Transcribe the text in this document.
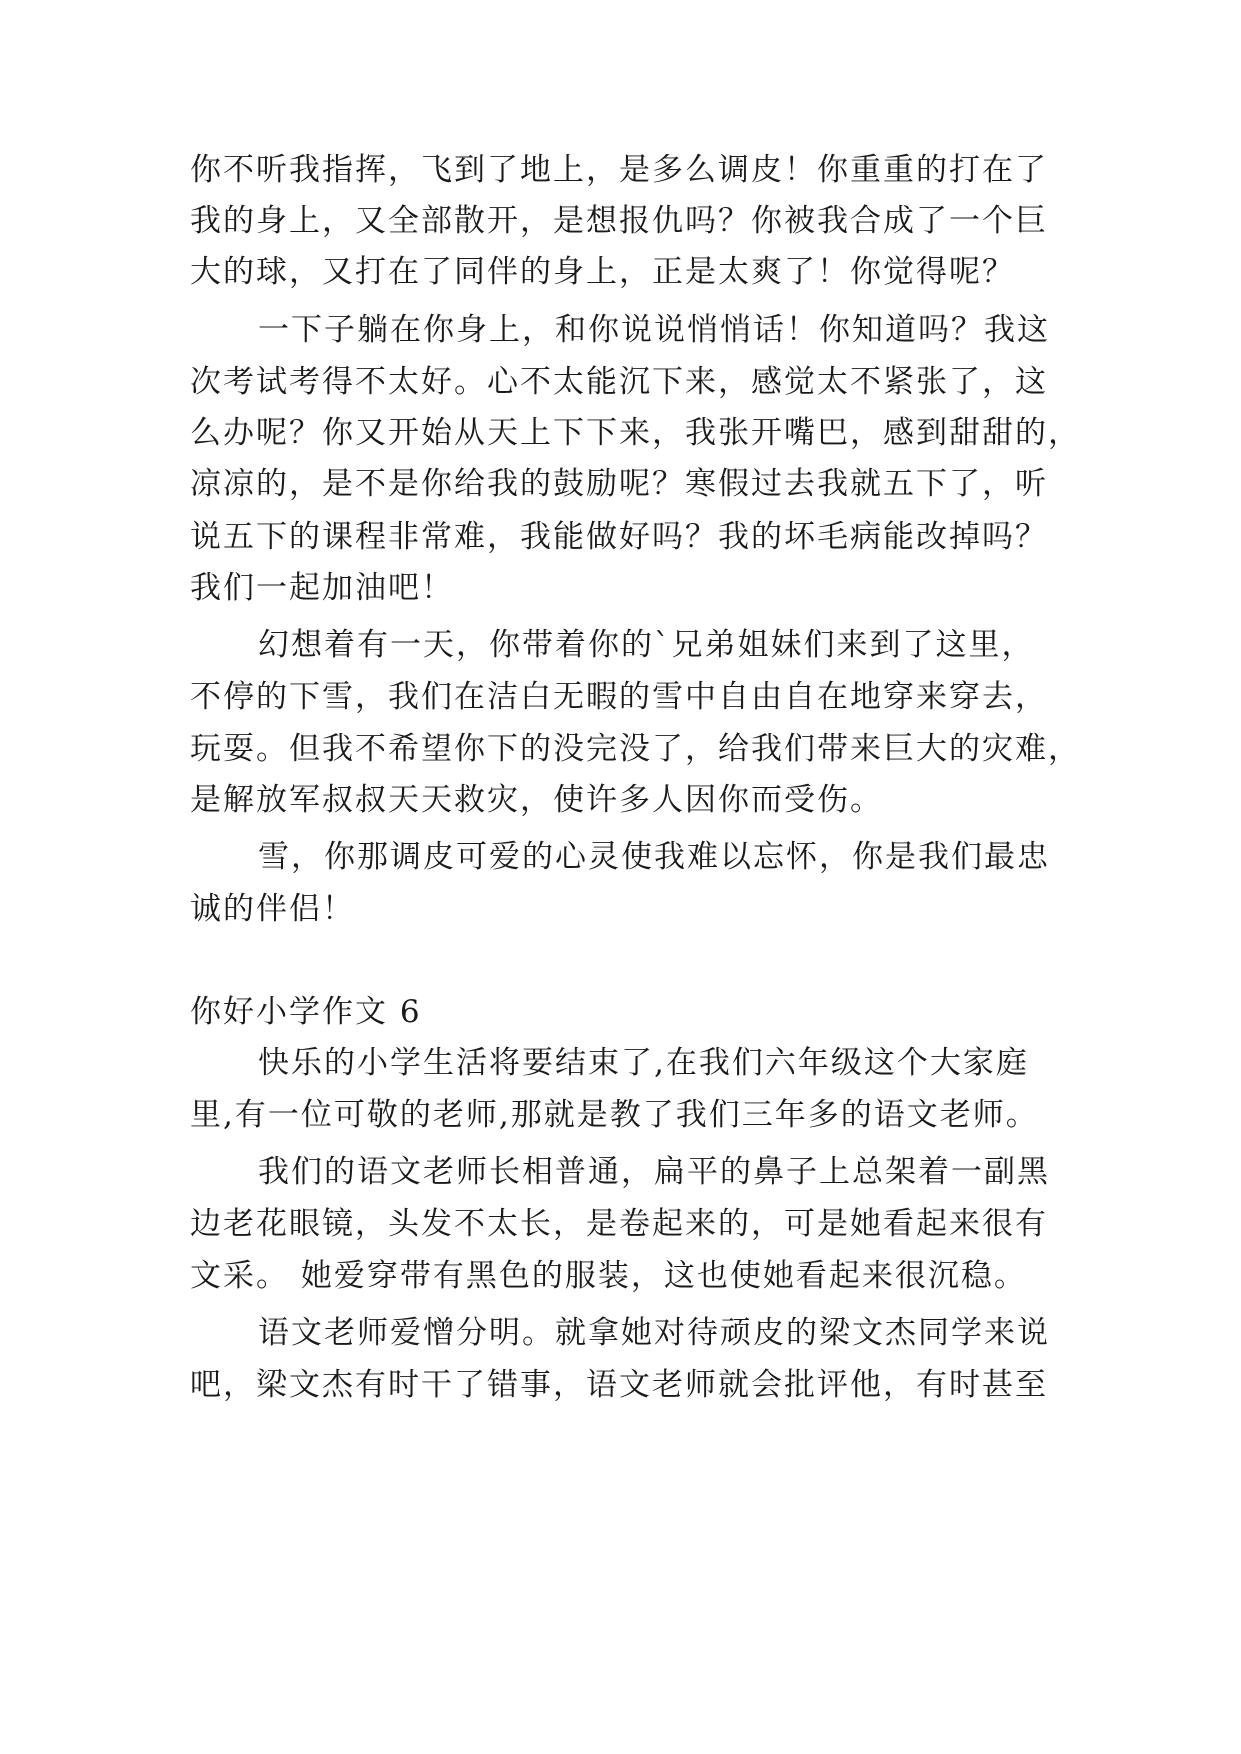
你不听我指挥，飞到了地上，是多么调皮！你重重的打在了
我的身上，又全部散开，是想报仇吗？你被我合成了一个巨
大的球，又打在了同伴的身上，正是太爽了！你觉得呢？
一下子躺在你身上，和你说说悄悄话！你知道吗？我这
次考试考得不太好。心不太能沉下来，感觉太不紧张了，这
么办呢？你又开始从天上下下来，我张开嘴巴，感到甜甜的，
凉凉的，是不是你给我的鼓励呢？寒假过去我就五下了，听
说五下的课程非常难，我能做好吗？我的坏毛病能改掉吗？
我们一起加油吧！
幻想着有一天，你带着你的`兄弟姐妹们来到了这里，
不停的下雪，我们在洁白无暇的雪中自由自在地穿来穿去，
玩耍。但我不希望你下的没完没了，给我们带来巨大的灾难，
是解放军叔叔天天救灾，使许多人因你而受伤。
雪，你那调皮可爱的心灵使我难以忘怀，你是我们最忠
诚的伴侣！
你好小学作文 6
快乐的小学生活将要结束了,在我们六年级这个大家庭
里,有一位可敬的老师,那就是教了我们三年多的语文老师。
我们的语文老师长相普通，扁平的鼻子上总架着一副黑
边老花眼镜，头发不太长，是卷起来的，可是她看起来很有
文采。 她爱穿带有黑色的服装，这也使她看起来很沉稳。
语文老师爱憎分明。就拿她对待顽皮的梁文杰同学来说
吧，梁文杰有时干了错事，语文老师就会批评他，有时甚至
